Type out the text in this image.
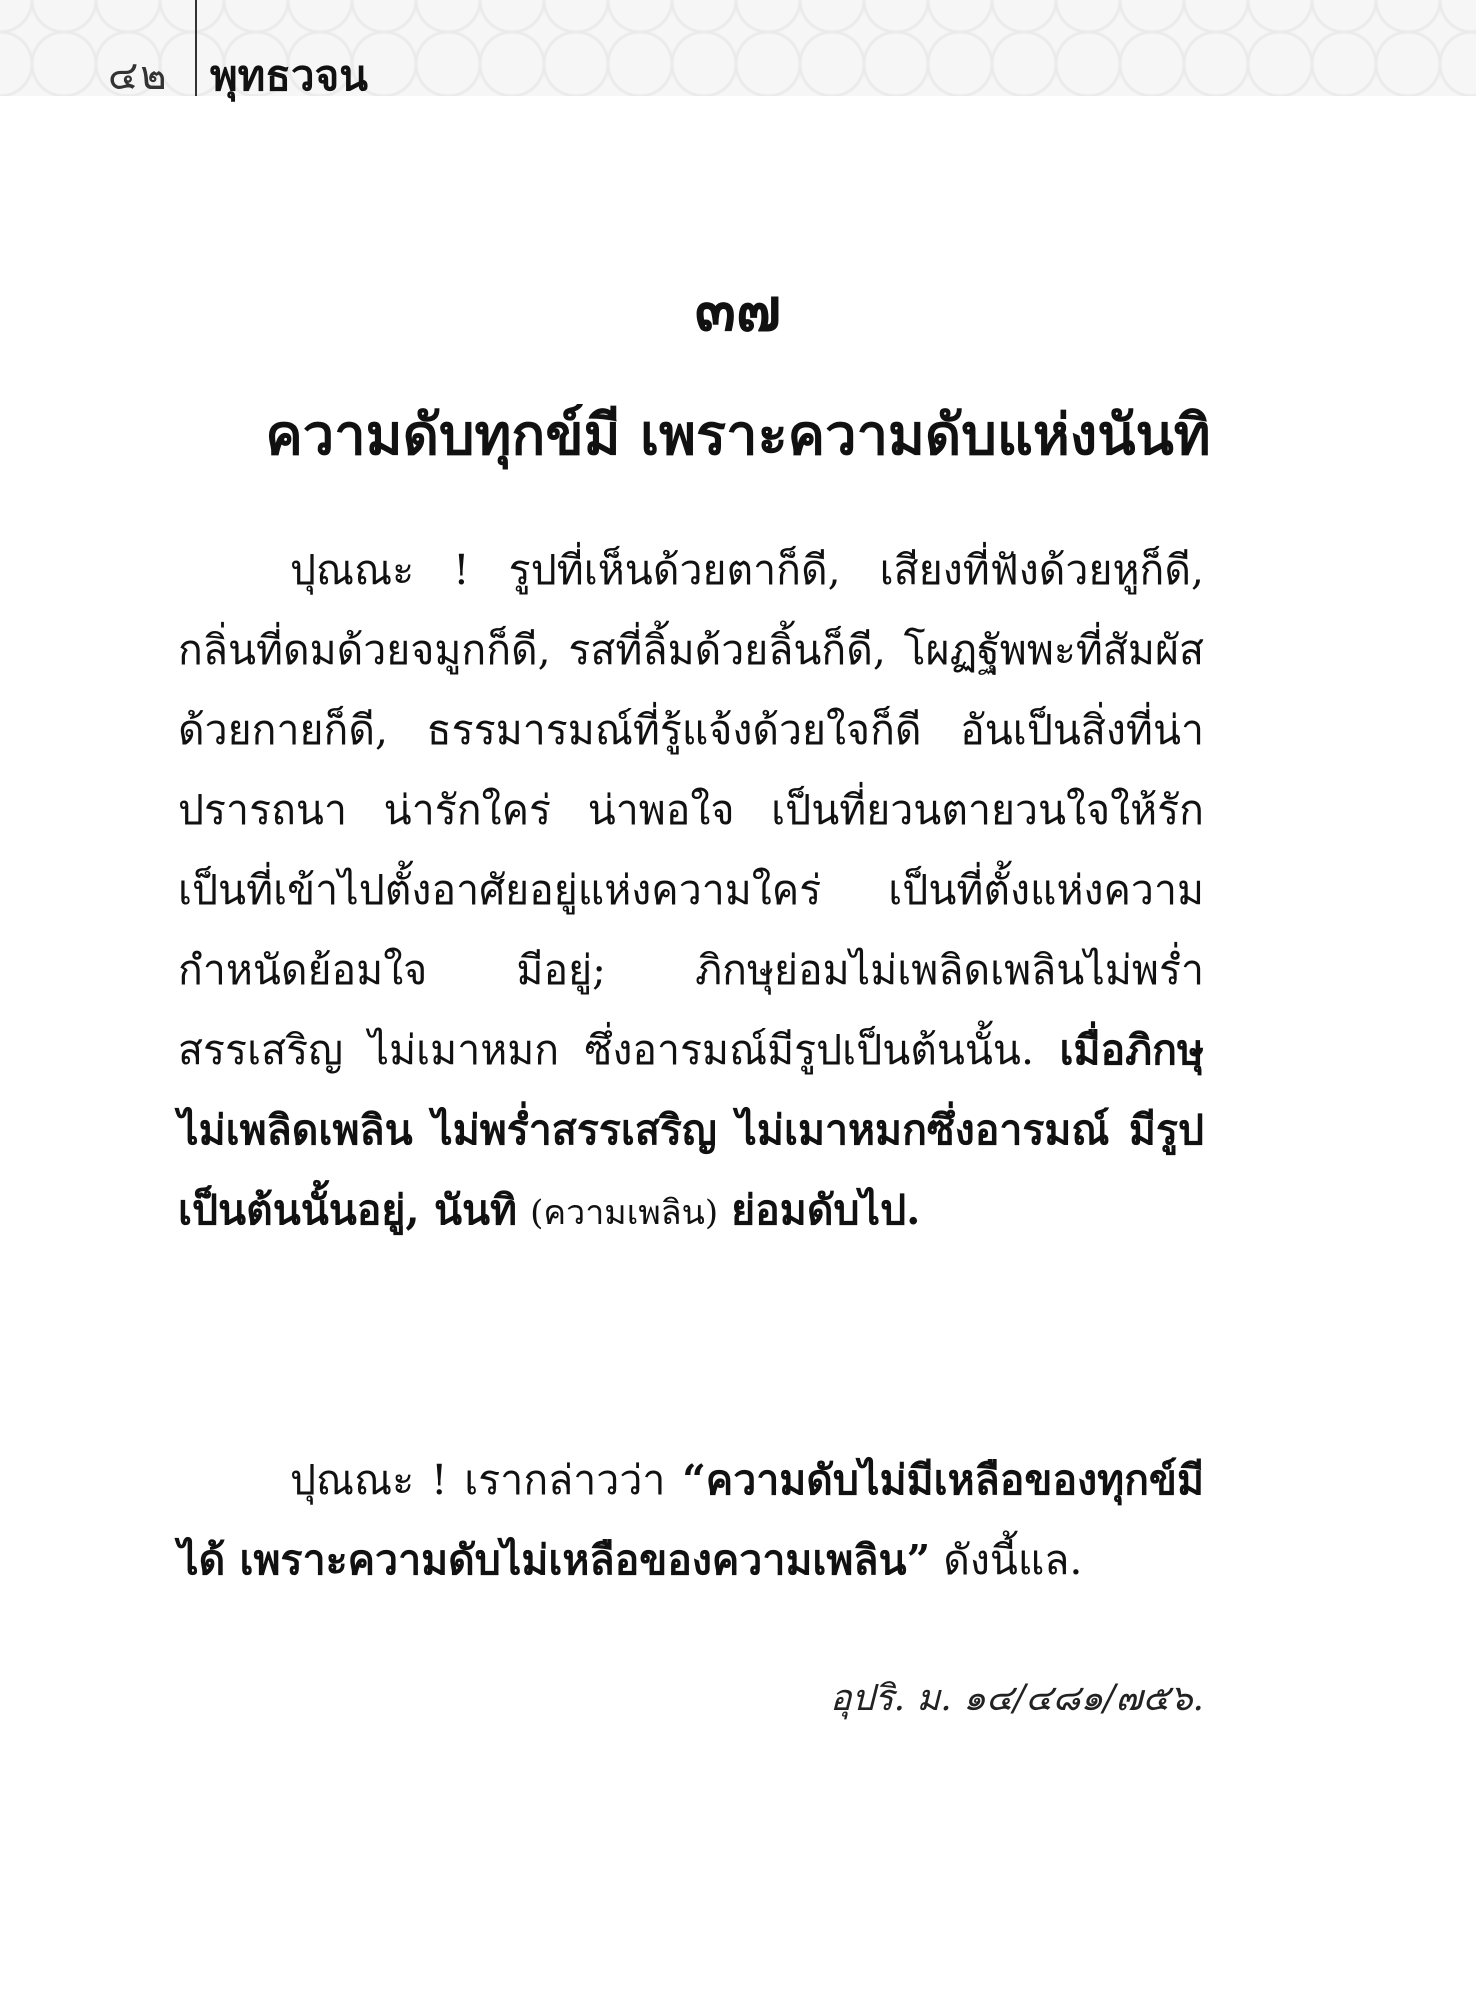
๔๒ พุทธวจน
๓๗
ความดับทุกข์มี เพราะความดับแห่งนันทิ
ปุณณะ ! รูปที่เห็นด้วยตาก็ดี, เสียงที่ฟังด้วยหูก็ดี, กลิ่นที่ดมด้วยจมูกก็ดี, รสที่ลิ้มด้วยลิ้นก็ดี, โผฏฐัพพะที่สัมผัสด้วยกายก็ดี, ธรรมารมณ์ที่รู้แจ้งด้วยใจก็ดี อันเป็นสิ่งที่น่าปรารถนา น่ารักใคร่ น่าพอใจ เป็นที่ยวนตายวนใจให้รัก เป็นที่เข้าไปตั้งอาศัยอยู่แห่งความใคร่ เป็นที่ตั้งแห่งความกำหนัดย้อมใจ มีอยู่; ภิกษุย่อมไม่เพลิดเพลินไม่พร่ำสรรเสริญ ไม่เมาหมก ซึ่งอารมณ์มีรูปเป็นต้นนั้น. เมื่อภิกษุไม่เพลิดเพลิน ไม่พร่ำสรรเสริญ ไม่เมาหมกซึ่งอารมณ์ มีรูปเป็นต้นนั้นอยู่, นันทิ (ความเพลิน) ย่อมดับไป.
ปุณณะ ! เรากล่าวว่า “ความดับไม่มีเหลือของทุกข์มีได้ เพราะความดับไม่เหลือของความเพลิน” ดังนี้แล.
อุปริ. ม. ๑๔/๔๘๑/๗๕๖.
